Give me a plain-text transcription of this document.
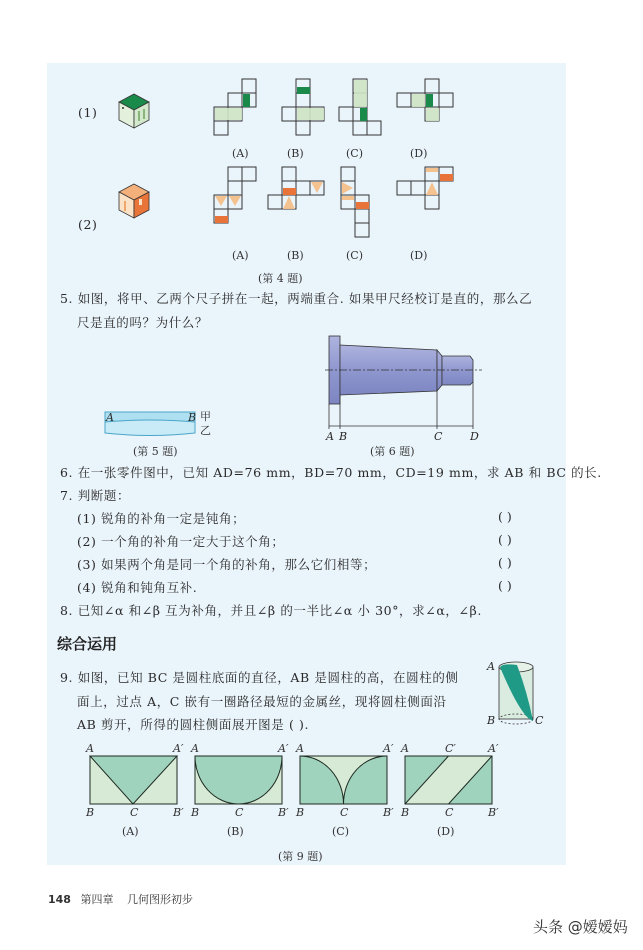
(1)
(2)
(A)	(B)	(C)	(D)
(A)	(B)	(C)	(D)
(第 4 题)
5. 如图，将甲、乙两个尺子拼在一起，两端重合. 如果甲尺经校订是直的，那么乙
尺是直的吗？为什么？
A	B 甲
乙
(第 5 题)
A B	C	D
(第 6 题)
6. 在一张零件图中，已知 AD=76 mm，BD=70 mm，CD=19 mm，求 AB 和 BC 的长.
7. 判断题：
(1) 锐角的补角一定是钝角；	( )
(2) 一个角的补角一定大于这个角；	( )
(3) 如果两个角是同一个角的补角，那么它们相等；	( )
(4) 锐角和钝角互补.	( )
8. 已知∠α 和∠β 互为补角，并且∠β 的一半比∠α 小 30°，求∠α，∠β.
综合运用
9. 如图，已知 BC 是圆柱底面的直径，AB 是圆柱的高，在圆柱的侧
面上，过点 A，C 嵌有一圈路径最短的金属丝，现将圆柱侧面沿
AB 剪开，所得的圆柱侧面展开图是 ( ).
A
B	C
A	A′
B	C	B′
(A)
A	A′
B	C	B′
(B)
A	A′
B	C	B′
(C)
A	C′	A′
B	C	B′
(D)
(第 9 题)
148 第四章 几何图形初步
头条 @嫒嫒妈
